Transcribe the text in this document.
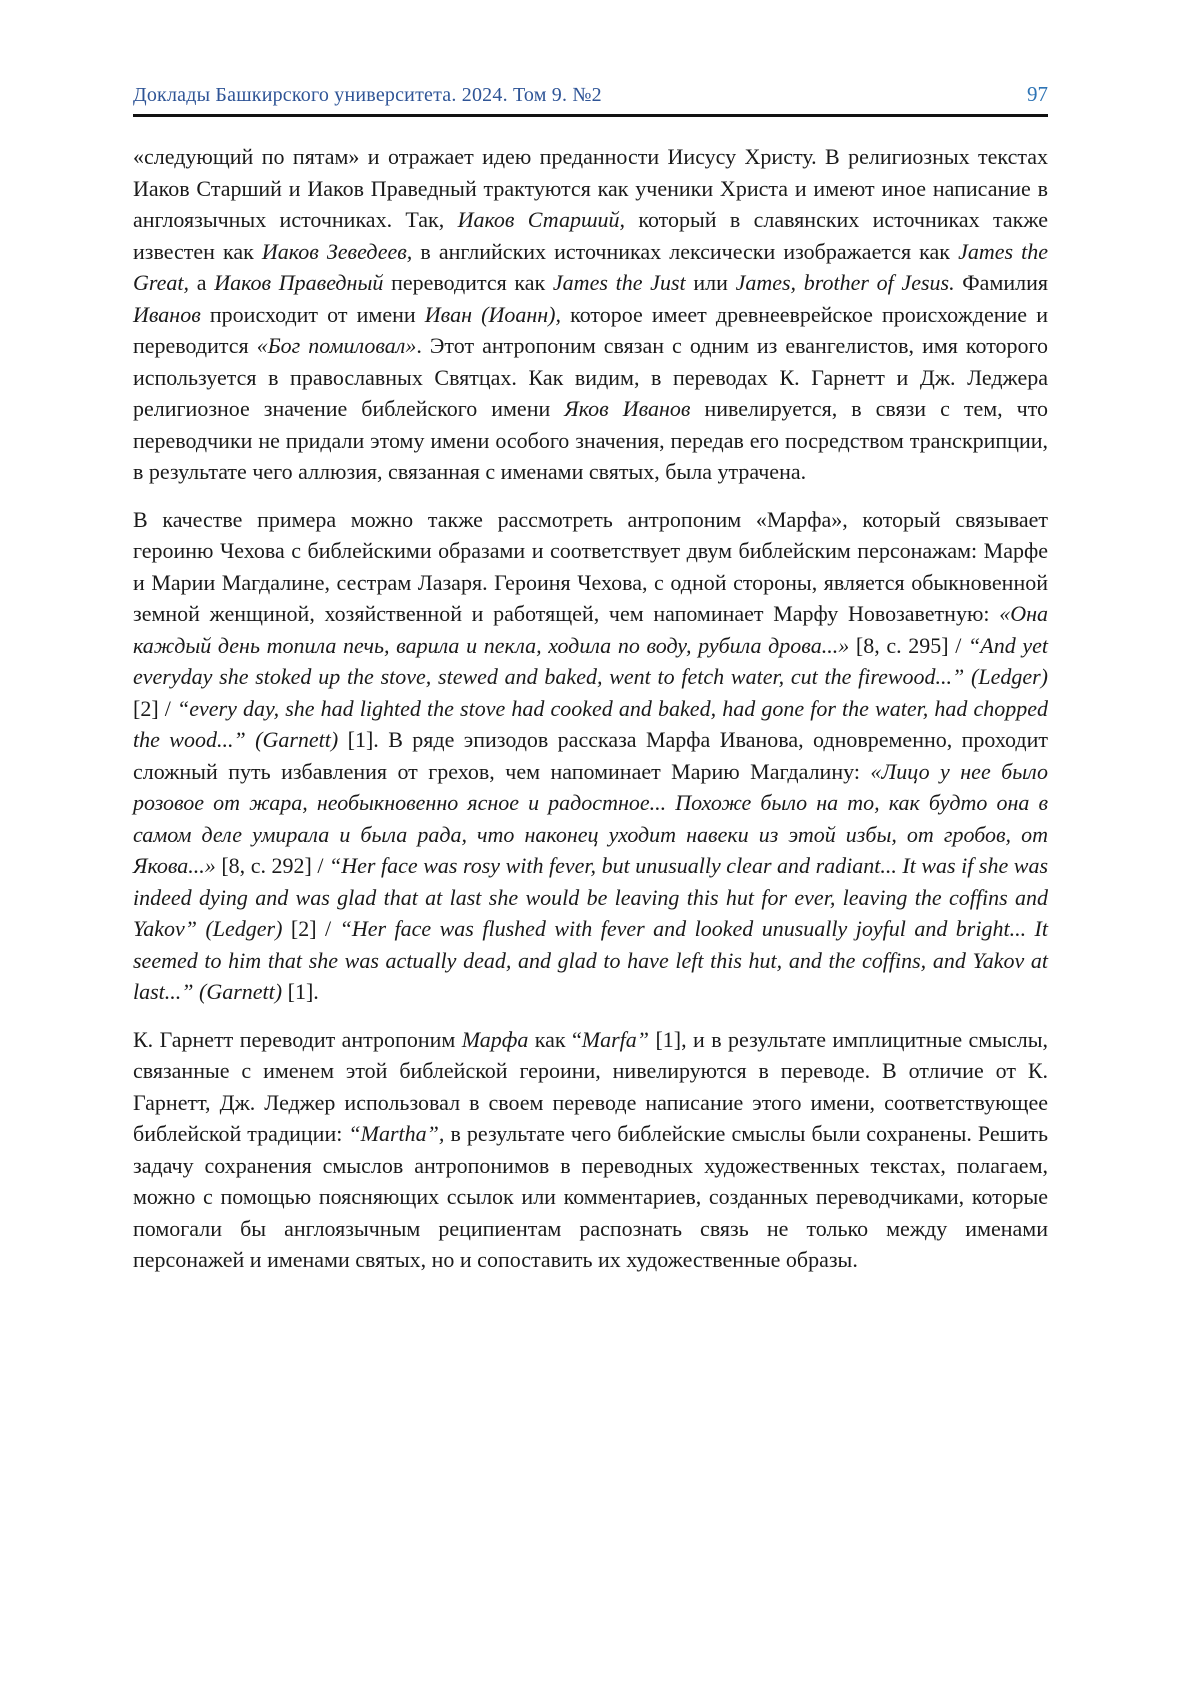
Доклады Башкирского университета. 2024. Том 9. №2	97

«следующий по пятам» и отражает идею преданности Иисусу Христу. В религиозных текстах Иаков Старший и Иаков Праведный трактуются как ученики Христа и имеют иное написание в англоязычных источниках. Так, Иаков Старший, который в славянских источниках также известен как Иаков Зеведеев, в английских источниках лексически изображается как James the Great, а Иаков Праведный переводится как James the Just или James, brother of Jesus. Фамилия Иванов происходит от имени Иван (Иоанн), которое имеет древнееврейское происхождение и переводится «Бог помиловал». Этот антропоним связан с одним из евангелистов, имя которого используется в православных Святцах. Как видим, в переводах К. Гарнетт и Дж. Леджера религиозное значение библейского имени Яков Иванов нивелируется, в связи с тем, что переводчики не придали этому имени особого значения, передав его посредством транскрипции, в результате чего аллюзия, связанная с именами святых, была утрачена.

В качестве примера можно также рассмотреть антропоним «Марфа», который связывает героиню Чехова с библейскими образами и соответствует двум библейским персонажам: Марфе и Марии Магдалине, сестрам Лазаря. Героиня Чехова, с одной стороны, является обыкновенной земной женщиной, хозяйственной и работящей, чем напоминает Марфу Новозаветную: «Она каждый день топила печь, варила и пекла, ходила по воду, рубила дрова...» [8, с. 295] / “And yet everyday she stoked up the stove, stewed and baked, went to fetch water, cut the firewood...” (Ledger) [2] / “every day, she had lighted the stove had cooked and baked, had gone for the water, had chopped the wood...” (Garnett) [1]. В ряде эпизодов рассказа Марфа Иванова, одновременно, проходит сложный путь избавления от грехов, чем напоминает Марию Магдалину: «Лицо у нее было розовое от жара, необыкновенно ясное и радостное... Похоже было на то, как будто она в самом деле умирала и была рада, что наконец уходит навеки из этой избы, от гробов, от Якова...» [8, с. 292] / “Her face was rosy with fever, but unusually clear and radiant... It was if she was indeed dying and was glad that at last she would be leaving this hut for ever, leaving the coffins and Yakov” (Ledger) [2] / “Her face was flushed with fever and looked unusually joyful and bright... It seemed to him that she was actually dead, and glad to have left this hut, and the coffins, and Yakov at last...” (Garnett) [1].

К. Гарнетт переводит антропоним Марфа как “Marfa” [1], и в результате имплицитные смыслы, связанные с именем этой библейской героини, нивелируются в переводе. В отличие от К. Гарнетт, Дж. Леджер использовал в своем переводе написание этого имени, соответствующее библейской традиции: “Martha”, в результате чего библейские смыслы были сохранены. Решить задачу сохранения смыслов антропонимов в переводных художественных текстах, полагаем, можно с помощью поясняющих ссылок или комментариев, созданных переводчиками, которые помогали бы англоязычным реципиентам распознать связь не только между именами персонажей и именами святых, но и сопоставить их художественные образы.
